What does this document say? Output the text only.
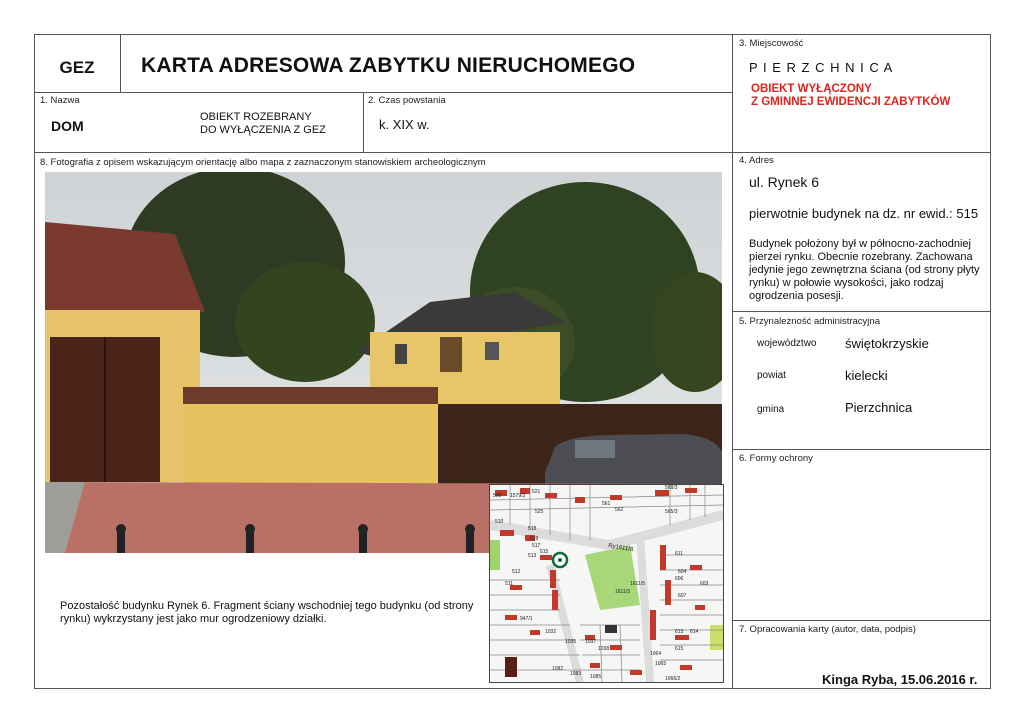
GEZ	KARTA ADRESOWA ZABYTKU NIERUCHOMEGO
3. Miejscowość
P I E R Z C H N I C A
OBIEKT WYŁĄCZONY
Z GMINNEJ EWIDENCJI ZABYTKÓW
1. Nazwa
DOM
OBIEKT ROZEBRANY
DO WYŁĄCZENIA Z GEZ
2. Czas powstania
k. XIX w.
8. Fotografia z opisem wskazującym orientację albo mapa z zaznaczonym stanowiskiem archeologicznym
Pozostałość budynku Rynek 6. Fragment ściany wschodniej tego budynku (od strony rynku) wykrzystany jest jako mur ogrodzeniowy działki.
506 1579/3
521
568/3
561
562	565/3
525
510
518
519
517
513
512
511
515	611
604
603
606
607
1611/5
1611/3
947/1
1032
1035 1037
1038
1064
1065
1082
1083 1085
613 614
615
1066/2
Ry1611/8
4. Adres
ul. Rynek 6
pierwotnie budynek na dz. nr ewid.: 515
Budynek położony był w północno-zachodniej pierzei rynku. Obecnie rozebrany. Zachowana jedynie jego zewnętrzna ściana (od strony płyty rynku) w połowie wysokości, jako rodzaj ogrodzenia posesji.
5. Przynależność administracyjna
województwo świętokrzyskie
powiat	kielecki
gmina	Pierzchnica
6. Formy ochrony
7. Opracowania karty (autor, data, podpis)
Kinga Ryba, 15.06.2016 r.
